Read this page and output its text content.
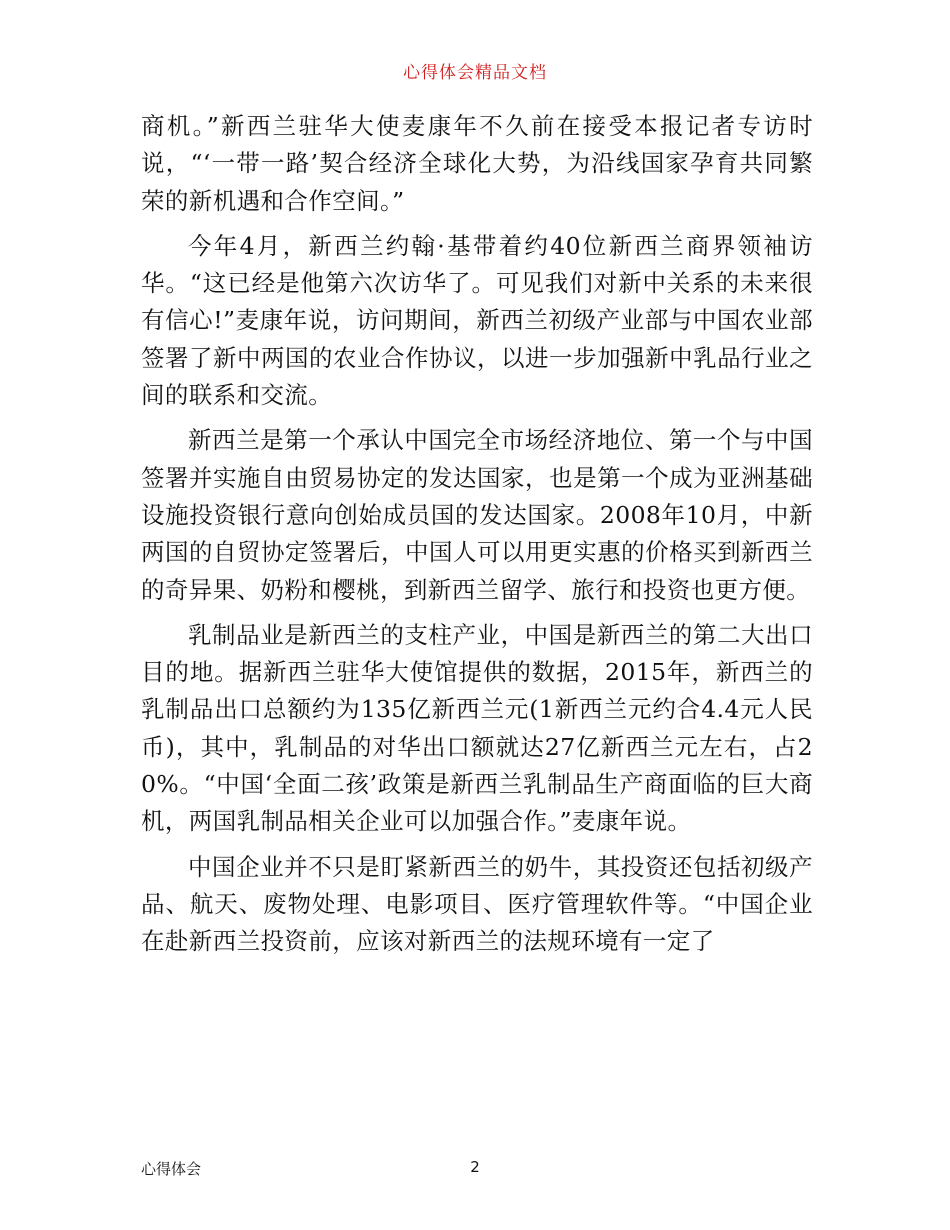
心得体会精品文档

商机。”新西兰驻华大使麦康年不久前在接受本报记者专访时说，“‘一带一路’契合经济全球化大势，为沿线国家孕育共同繁荣的新机遇和合作空间。”

今年4月，新西兰约翰·基带着约40位新西兰商界领袖访华。“这已经是他第六次访华了。可见我们对新中关系的未来很有信心!”麦康年说，访问期间，新西兰初级产业部与中国农业部签署了新中两国的农业合作协议，以进一步加强新中乳品行业之间的联系和交流。

新西兰是第一个承认中国完全市场经济地位、第一个与中国签署并实施自由贸易协定的发达国家，也是第一个成为亚洲基础设施投资银行意向创始成员国的发达国家。2008年10月，中新两国的自贸协定签署后，中国人可以用更实惠的价格买到新西兰的奇异果、奶粉和樱桃，到新西兰留学、旅行和投资也更方便。

乳制品业是新西兰的支柱产业，中国是新西兰的第二大出口目的地。据新西兰驻华大使馆提供的数据，2015年，新西兰的乳制品出口总额约为135亿新西兰元(1新西兰元约合4.4元人民币)，其中，乳制品的对华出口额就达27亿新西兰元左右，占20%。“中国‘全面二孩’政策是新西兰乳制品生产商面临的巨大商机，两国乳制品相关企业可以加强合作。”麦康年说。

中国企业并不只是盯紧新西兰的奶牛，其投资还包括初级产品、航天、废物处理、电影项目、医疗管理软件等。“中国企业在赴新西兰投资前，应该对新西兰的法规环境有一定了

心得体会	2
